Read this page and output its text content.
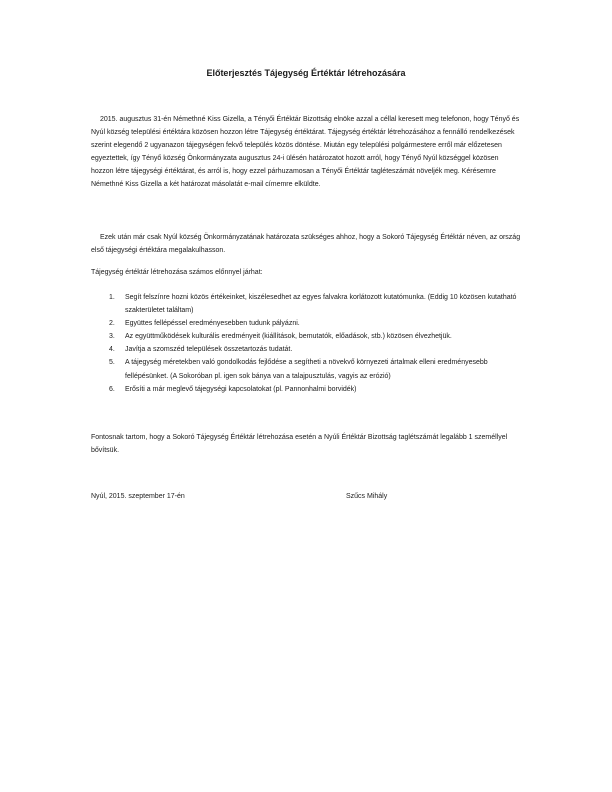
Előterjesztés Tájegység Értéktár létrehozására

2015. augusztus 31-én Némethné Kiss Gizella, a Tényői Értéktár Bizottság elnöke azzal a céllal keresett meg telefonon, hogy Tényő és Nyúl község települési értéktára közösen hozzon létre Tájegység értéktárat. Tájegység értéktár létrehozásához a fennálló rendelkezések szerint elegendő 2 ugyanazon tájegységen fekvő település közös döntése. Miután egy települési polgármestere erről már előzetesen egyeztettek, így Tényő község Önkormányzata augusztus 24-i ülésén határozatot hozott arról, hogy Tényő Nyúl községgel közösen hozzon létre tájegységi értéktárat, és arról is, hogy ezzel párhuzamosan a Tényői Értéktár tagléteszámát növeljék meg. Kérésemre Némethné Kiss Gizella a két határozat másolatát e-mail címemre elküldte.

Ezek után már csak Nyúl község Önkormányzatának határozata szükséges ahhoz, hogy a Sokoró Tájegység Értéktár néven, az ország első tájegységi értéktára megalakulhasson.

Tájegység értéktár létrehozása számos előnnyel járhat:

1. Segít felszínre hozni közös értékeinket, kiszélesedhet az egyes falvakra korlátozott kutatómunka. (Eddig 10 közösen kutatható szakterületet találtam)
2. Együttes fellépéssel eredményesebben tudunk pályázni.
3. Az együttműködések kulturális eredményeit (kiállítások, bemutatók, előadások, stb.) közösen élvezhetjük.
4. Javítja a szomszéd települések összetartozás tudatát.
5. A tájegység méretekben való gondolkodás fejlődése a segítheti a növekvő környezeti ártalmak elleni eredményesebb fellépésünket. (A Sokoróban pl. igen sok bánya van a talajpusztulás, vagyis az erózió)
6. Erősíti a már meglevő tájegységi kapcsolatokat (pl. Pannonhalmi borvidék)

Fontosnak tartom, hogy a Sokoró Tájegység Értéktár létrehozása esetén a Nyúli Értéktár Bizottság taglétszámát legalább 1 személlyel bővítsük.

Nyúl, 2015. szeptember 17-én	Szűcs Mihály
